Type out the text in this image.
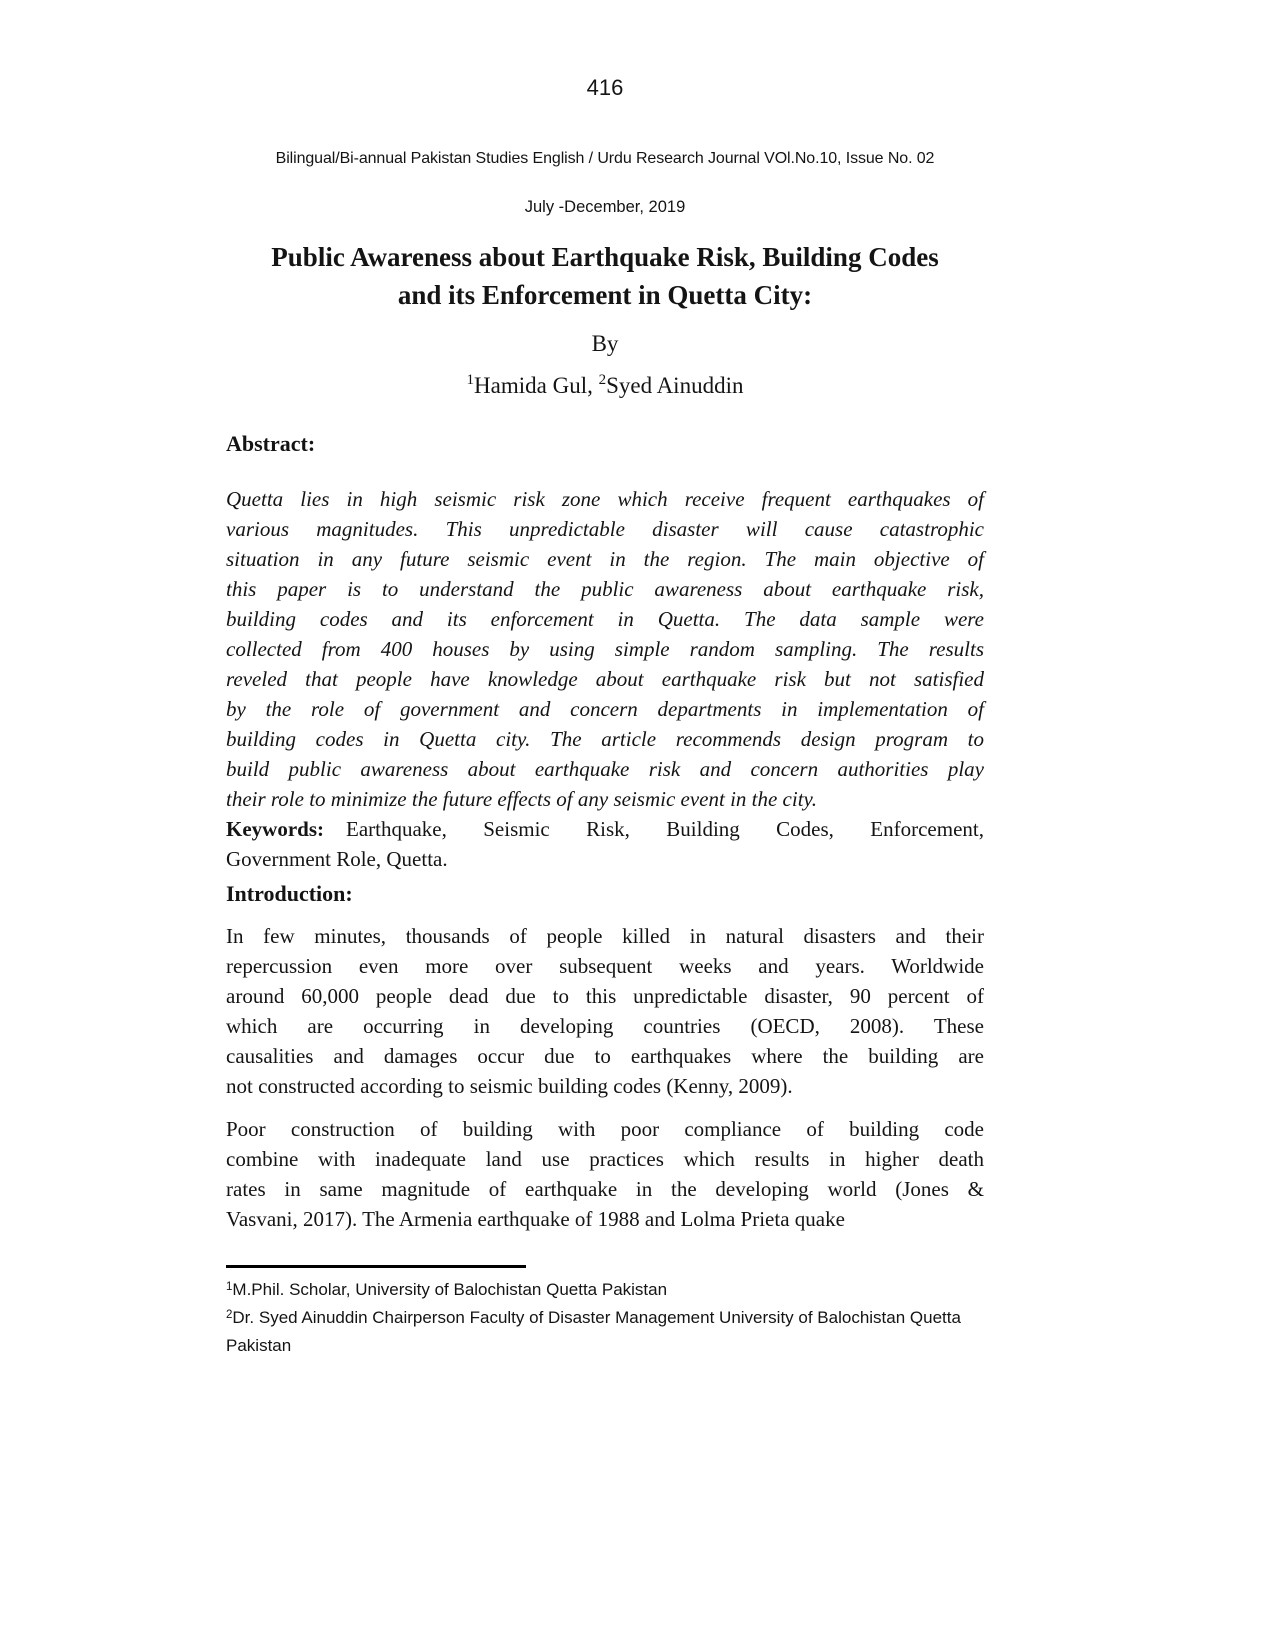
416
Bilingual/Bi-annual Pakistan Studies English / Urdu Research Journal VOl.No.10, Issue No. 02
July -December, 2019
Public Awareness about Earthquake Risk, Building Codes
and its Enforcement in Quetta City:
By
$^1$Hamida Gul, $^2$Syed Ainuddin
Abstract:
Quetta lies in high seismic risk zone which receive frequent earthquakes of
various magnitudes. This unpredictable disaster will cause catastrophic
situation in any future seismic event in the region. The main objective of
this paper is to understand the public awareness about earthquake risk,
building codes and its enforcement in Quetta. The data sample were
collected from 400 houses by using simple random sampling. The results
reveled that people have knowledge about earthquake risk but not satisfied
by the role of government and concern departments in implementation of
building codes in Quetta city. The article recommends design program to
build public awareness about earthquake risk and concern authorities play
their role to minimize the future effects of any seismic event in the city.
Keywords: Earthquake, Seismic Risk, Building Codes, Enforcement,
Government Role, Quetta.
Introduction:
In few minutes, thousands of people killed in natural disasters and their
repercussion even more over subsequent weeks and years. Worldwide
around 60,000 people dead due to this unpredictable disaster, 90 percent of
which are occurring in developing countries (OECD, 2008). These
causalities and damages occur due to earthquakes where the building are
not constructed according to seismic building codes (Kenny, 2009).
Poor construction of building with poor compliance of building code
combine with inadequate land use practices which results in higher death
rates in same magnitude of earthquake in the developing world (Jones &
Vasvani, 2017). The Armenia earthquake of 1988 and Lolma Prieta quake
$^1$M.Phil. Scholar, University of Balochistan Quetta Pakistan
$^2$Dr. Syed Ainuddin Chairperson Faculty of Disaster Management University of Balochistan Quetta Pakistan
